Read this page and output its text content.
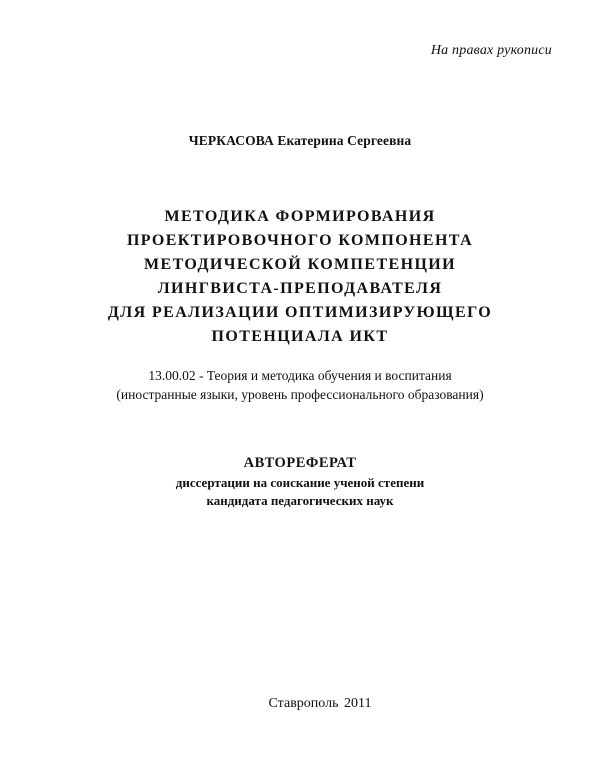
На правах рукописи
ЧЕРКАСОВА Екатерина Сергеевна
МЕТОДИКА ФОРМИРОВАНИЯ
ПРОЕКТИРОВОЧНОГО КОМПОНЕНТА
МЕТОДИЧЕСКОЙ КОМПЕТЕНЦИИ
ЛИНГВИСТА-ПРЕПОДАВАТЕЛЯ
ДЛЯ РЕАЛИЗАЦИИ ОПТИМИЗИРУЮЩЕГО
ПОТЕНЦИАЛА ИКТ
13.00.02 - Теория и методика обучения и воспитания
(иностранные языки, уровень профессионального образования)
АВТОРЕФЕРАТ
диссертации на соискание ученой степени
кандидата педагогических наук
Ставрополь 2011
